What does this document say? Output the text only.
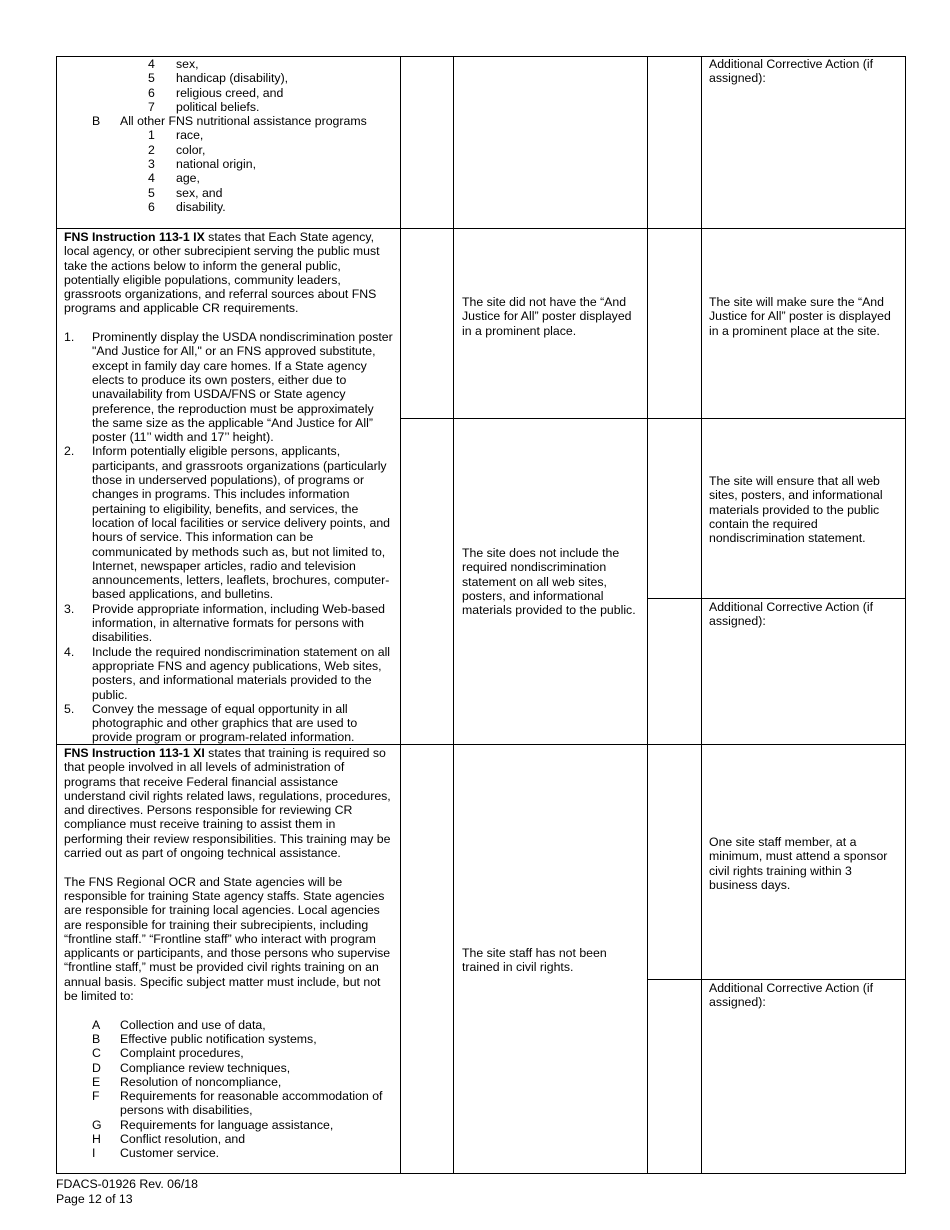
4 sex,
5 handicap (disability),
6 religious creed, and
7 political beliefs.
B All other FNS nutritional assistance programs
1 race,
2 color,
3 national origin,
4 age,
5 sex, and
6 disability.
Additional Corrective Action (if assigned):

FNS Instruction 113-1 IX states that Each State agency, local agency, or other subrecipient serving the public must take the actions below to inform the general public, potentially eligible populations, community leaders, grassroots organizations, and referral sources about FNS programs and applicable CR requirements.

1. Prominently display the USDA nondiscrimination poster "And Justice for All," or an FNS approved substitute, except in family day care homes. If a State agency elects to produce its own posters, either due to unavailability from USDA/FNS or State agency preference, the reproduction must be approximately the same size as the applicable “And Justice for All” poster (11’’ width and 17’’ height).
2. Inform potentially eligible persons, applicants, participants, and grassroots organizations (particularly those in underserved populations), of programs or changes in programs. This includes information pertaining to eligibility, benefits, and services, the location of local facilities or service delivery points, and hours of service. This information can be communicated by methods such as, but not limited to, Internet, newspaper articles, radio and television announcements, letters, leaflets, brochures, computer-based applications, and bulletins.
3. Provide appropriate information, including Web-based information, in alternative formats for persons with disabilities.
4. Include the required nondiscrimination statement on all appropriate FNS and agency publications, Web sites, posters, and informational materials provided to the public.
5. Convey the message of equal opportunity in all photographic and other graphics that are used to provide program or program-related information.
The site did not have the “And Justice for All” poster displayed in a prominent place.
The site will make sure the “And Justice for All” poster is displayed in a prominent place at the site.
The site does not include the required nondiscrimination statement on all web sites, posters, and informational materials provided to the public.
The site will ensure that all web sites, posters, and informational materials provided to the public contain the required nondiscrimination statement.
Additional Corrective Action (if assigned):

FNS Instruction 113-1 XI states that training is required so that people involved in all levels of administration of programs that receive Federal financial assistance understand civil rights related laws, regulations, procedures, and directives. Persons responsible for reviewing CR compliance must receive training to assist them in performing their review responsibilities. This training may be carried out as part of ongoing technical assistance.

The FNS Regional OCR and State agencies will be responsible for training State agency staffs. State agencies are responsible for training local agencies. Local agencies are responsible for training their subrecipients, including “frontline staff.” “Frontline staff” who interact with program applicants or participants, and those persons who supervise “frontline staff,” must be provided civil rights training on an annual basis. Specific subject matter must include, but not be limited to:

A Collection and use of data,
B Effective public notification systems,
C Complaint procedures,
D Compliance review techniques,
E Resolution of noncompliance,
F Requirements for reasonable accommodation of persons with disabilities,
G Requirements for language assistance,
H Conflict resolution, and
I Customer service.
The site staff has not been trained in civil rights.
One site staff member, at a minimum, must attend a sponsor civil rights training within 3 business days.
Additional Corrective Action (if assigned):
FDACS-01926 Rev. 06/18
Page 12 of 13
